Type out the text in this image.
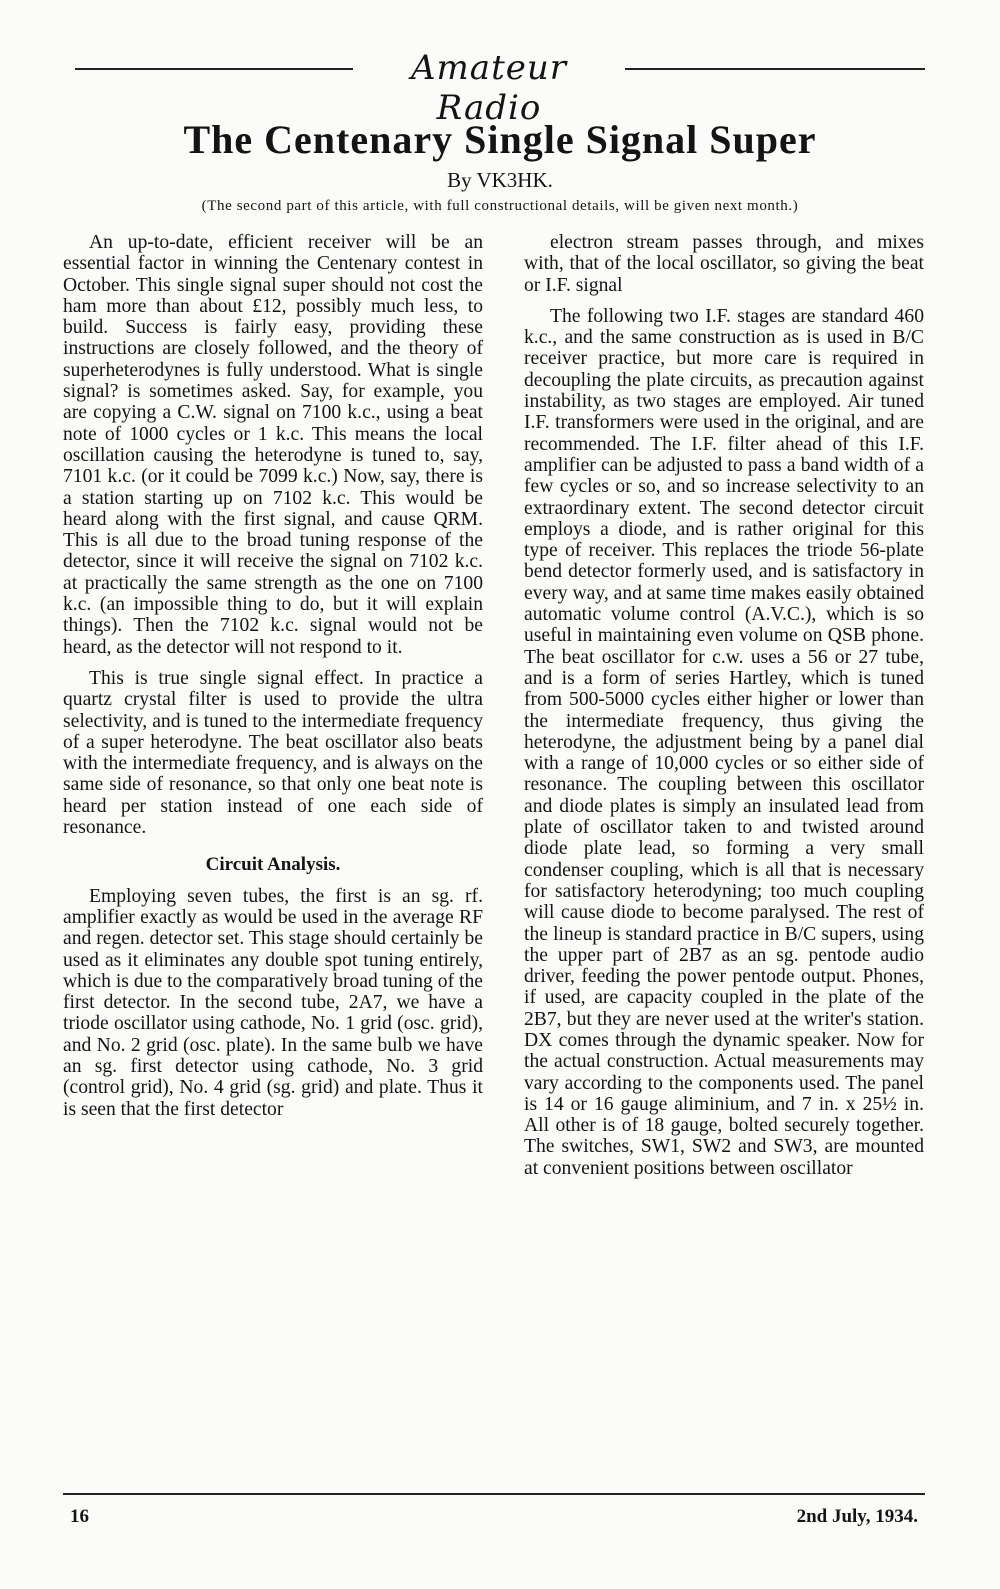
Amateur Radio
The Centenary Single Signal Super

By VK3HK.

(The second part of this article, with full constructional details, will be given next month.)

An up-to-date, efficient receiver will be an essential factor in winning the Centenary contest in October. This single signal super should not cost the ham more than about £12, possibly much less, to build. Success is fairly easy, providing these instructions are closely followed, and the theory of superheterodynes is fully understood. What is single signal? is sometimes asked. Say, for example, you are copying a C.W. signal on 7100 k.c., using a beat note of 1000 cycles or 1 k.c. This means the local oscillation causing the heterodyne is tuned to, say, 7101 k.c. (or it could be 7099 k.c.) Now, say, there is a station starting up on 7102 k.c. This would be heard along with the first signal, and cause QRM. This is all due to the broad tuning response of the detector, since it will receive the signal on 7102 k.c. at practically the same strength as the one on 7100 k.c. (an impossible thing to do, but it will explain things). Then the 7102 k.c. signal would not be heard, as the detector will not respond to it.

This is true single signal effect. In practice a quartz crystal filter is used to provide the ultra selectivity, and is tuned to the intermediate frequency of a super heterodyne. The beat oscillator also beats with the intermediate frequency, and is always on the same side of resonance, so that only one beat note is heard per station instead of one each side of resonance.

Circuit Analysis.

Employing seven tubes, the first is an sg. rf. amplifier exactly as would be used in the average RF and regen. detector set. This stage should certainly be used as it eliminates any double spot tuning entirely, which is due to the comparatively broad tuning of the first detector. In the second tube, 2A7, we have a triode oscillator using cathode, No. 1 grid (osc. grid), and No. 2 grid (osc. plate). In the same bulb we have an sg. first detector using cathode, No. 3 grid (control grid), No. 4 grid (sg. grid) and plate. Thus it is seen that the first detector

electron stream passes through, and mixes with, that of the local oscillator, so giving the beat or I.F. signal

The following two I.F. stages are standard 460 k.c., and the same construction as is used in B/C receiver practice, but more care is required in decoupling the plate circuits, as precaution against instability, as two stages are employed. Air tuned I.F. transformers were used in the original, and are recommended. The I.F. filter ahead of this I.F. amplifier can be adjusted to pass a band width of a few cycles or so, and so increase selectivity to an extraordinary extent. The second detector circuit employs a diode, and is rather original for this type of receiver. This replaces the triode 56-plate bend detector formerly used, and is satisfactory in every way, and at same time makes easily obtained automatic volume control (A.V.C.), which is so useful in maintaining even volume on QSB phone. The beat oscillator for c.w. uses a 56 or 27 tube, and is a form of series Hartley, which is tuned from 500-5000 cycles either higher or lower than the intermediate frequency, thus giving the heterodyne, the adjustment being by a panel dial with a range of 10,000 cycles or so either side of resonance. The coupling between this oscillator and diode plates is simply an insulated lead from plate of oscillator taken to and twisted around diode plate lead, so forming a very small condenser coupling, which is all that is necessary for satisfactory heterodyning; too much coupling will cause diode to become paralysed. The rest of the lineup is standard practice in B/C supers, using the upper part of 2B7 as an sg. pentode audio driver, feeding the power pentode output. Phones, if used, are capacity coupled in the plate of the 2B7, but they are never used at the writer's station. DX comes through the dynamic speaker. Now for the actual construction. Actual measurements may vary according to the components used. The panel is 14 or 16 gauge aliminium, and 7 in. x 25½ in. All other is of 18 gauge, bolted securely together. The switches, SW1, SW2 and SW3, are mounted at convenient positions between oscillator

16	2nd July, 1934.
